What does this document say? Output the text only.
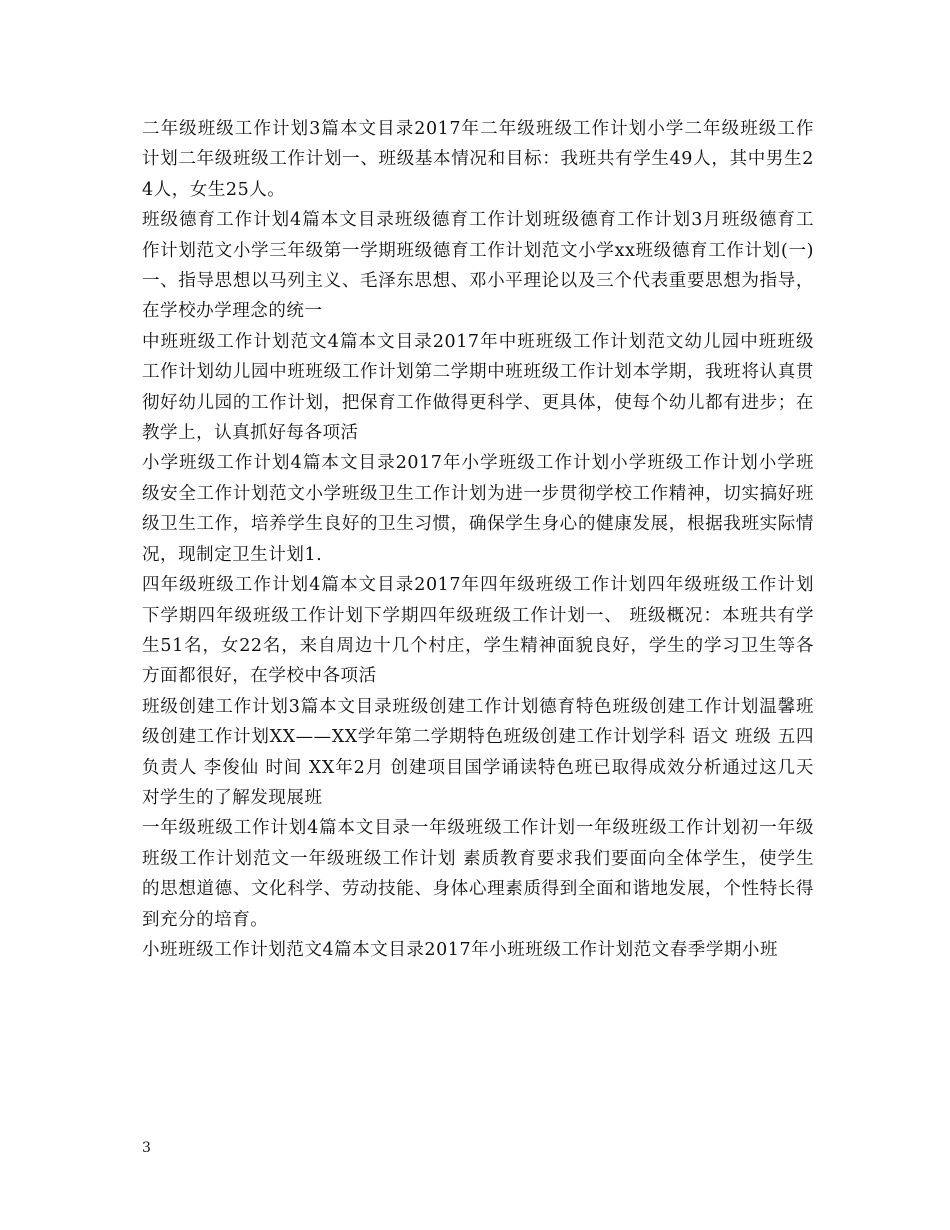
二年级班级工作计划3篇本文目录2017年二年级班级工作计划小学二年级班级工作计划二年级班级工作计划一、班级基本情况和目标：我班共有学生49人，其中男生24人，女生25人。

班级德育工作计划4篇本文目录班级德育工作计划班级德育工作计划3月班级德育工作计划范文小学三年级第一学期班级德育工作计划范文小学xx班级德育工作计划(一)一、指导思想以马列主义、毛泽东思想、邓小平理论以及三个代表重要思想为指导，在学校办学理念的统一

中班班级工作计划范文4篇本文目录2017年中班班级工作计划范文幼儿园中班班级工作计划幼儿园中班班级工作计划第二学期中班班级工作计划本学期，我班将认真贯彻好幼儿园的工作计划，把保育工作做得更科学、更具体，使每个幼儿都有进步；在教学上，认真抓好每各项活

小学班级工作计划4篇本文目录2017年小学班级工作计划小学班级工作计划小学班级安全工作计划范文小学班级卫生工作计划为进一步贯彻学校工作精神，切实搞好班级卫生工作，培养学生良好的卫生习惯，确保学生身心的健康发展，根据我班实际情况，现制定卫生计划1.

四年级班级工作计划4篇本文目录2017年四年级班级工作计划四年级班级工作计划下学期四年级班级工作计划下学期四年级班级工作计划一、 班级概况：本班共有学生51名，女22名，来自周边十几个村庄，学生精神面貌良好，学生的学习卫生等各方面都很好，在学校中各项活

班级创建工作计划3篇本文目录班级创建工作计划德育特色班级创建工作计划温馨班级创建工作计划XX——XX学年第二学期特色班级创建工作计划学科 语文 班级 五四 负责人 李俊仙 时间 XX年2月 创建项目国学诵读特色班已取得成效分析通过这几天对学生的了解发现展班

一年级班级工作计划4篇本文目录一年级班级工作计划一年级班级工作计划初一年级班级工作计划范文一年级班级工作计划 素质教育要求我们要面向全体学生，使学生的思想道德、文化科学、劳动技能、身体心理素质得到全面和谐地发展，个性特长得到充分的培育。

小班班级工作计划范文4篇本文目录2017年小班班级工作计划范文春季学期小班

3
